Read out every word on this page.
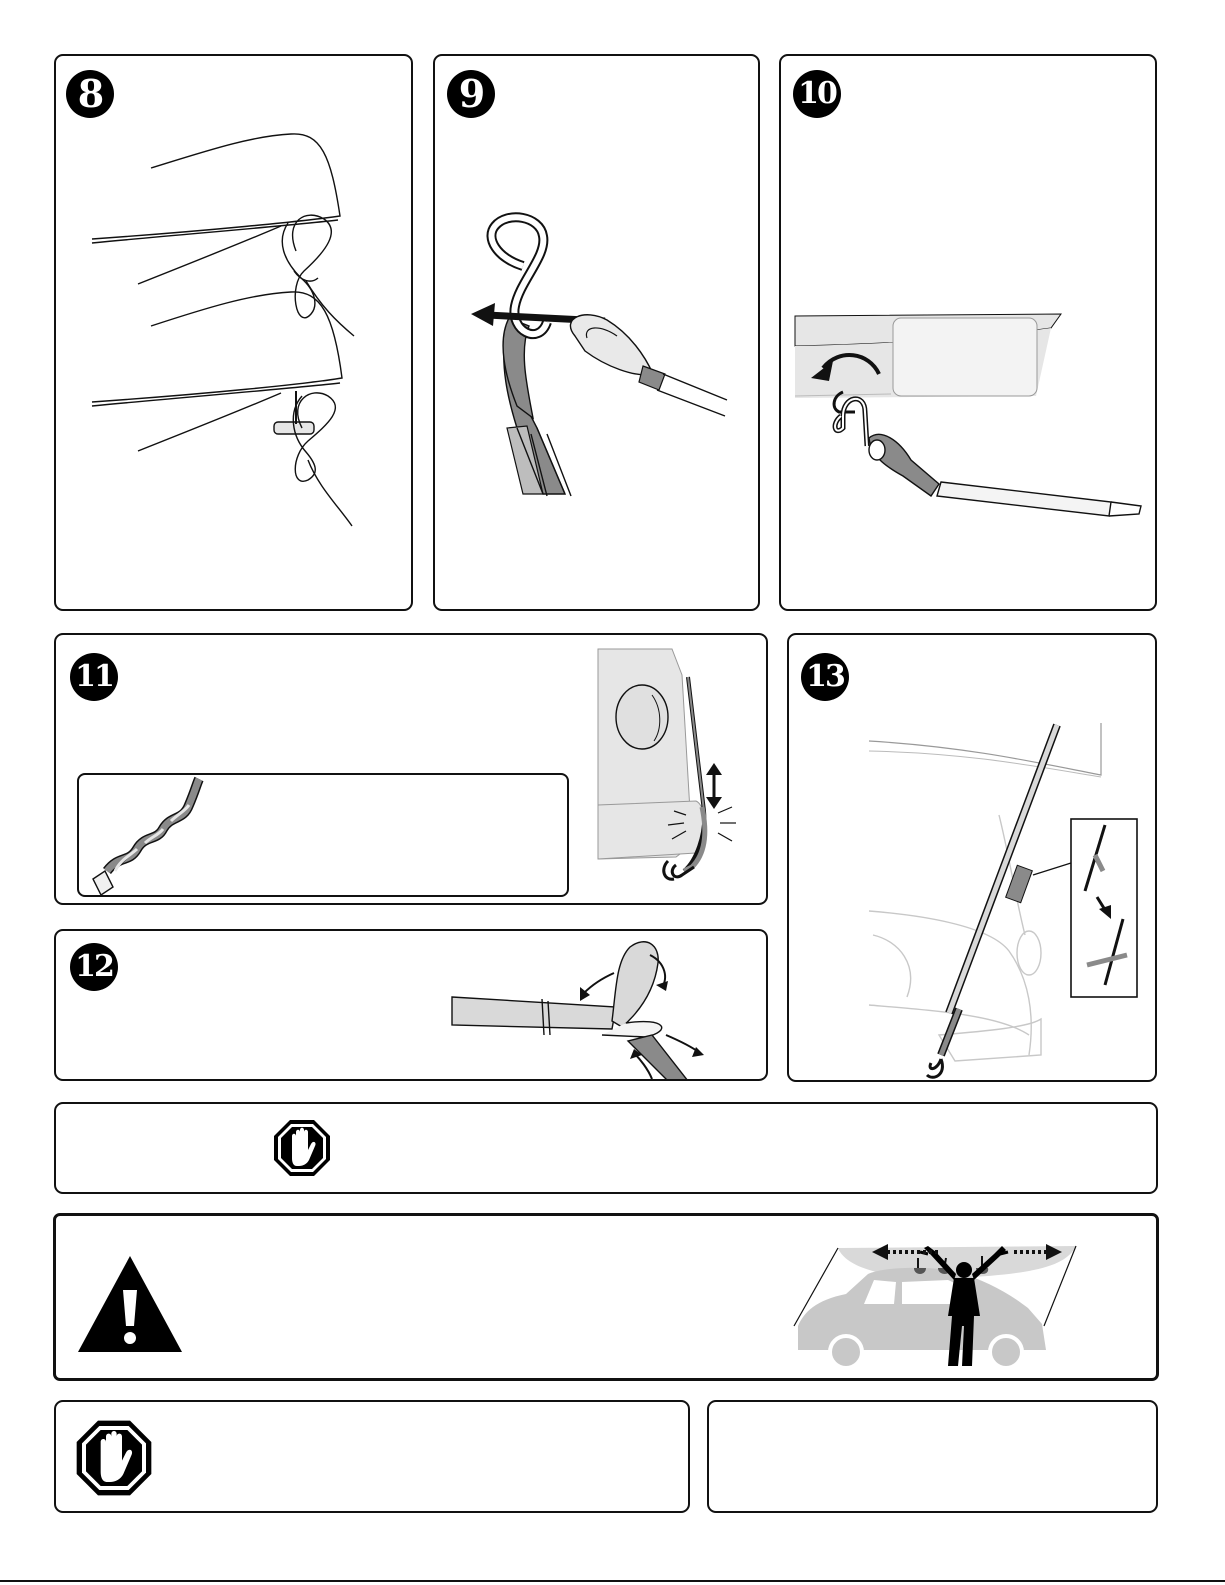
8	9	10
11
12
13
